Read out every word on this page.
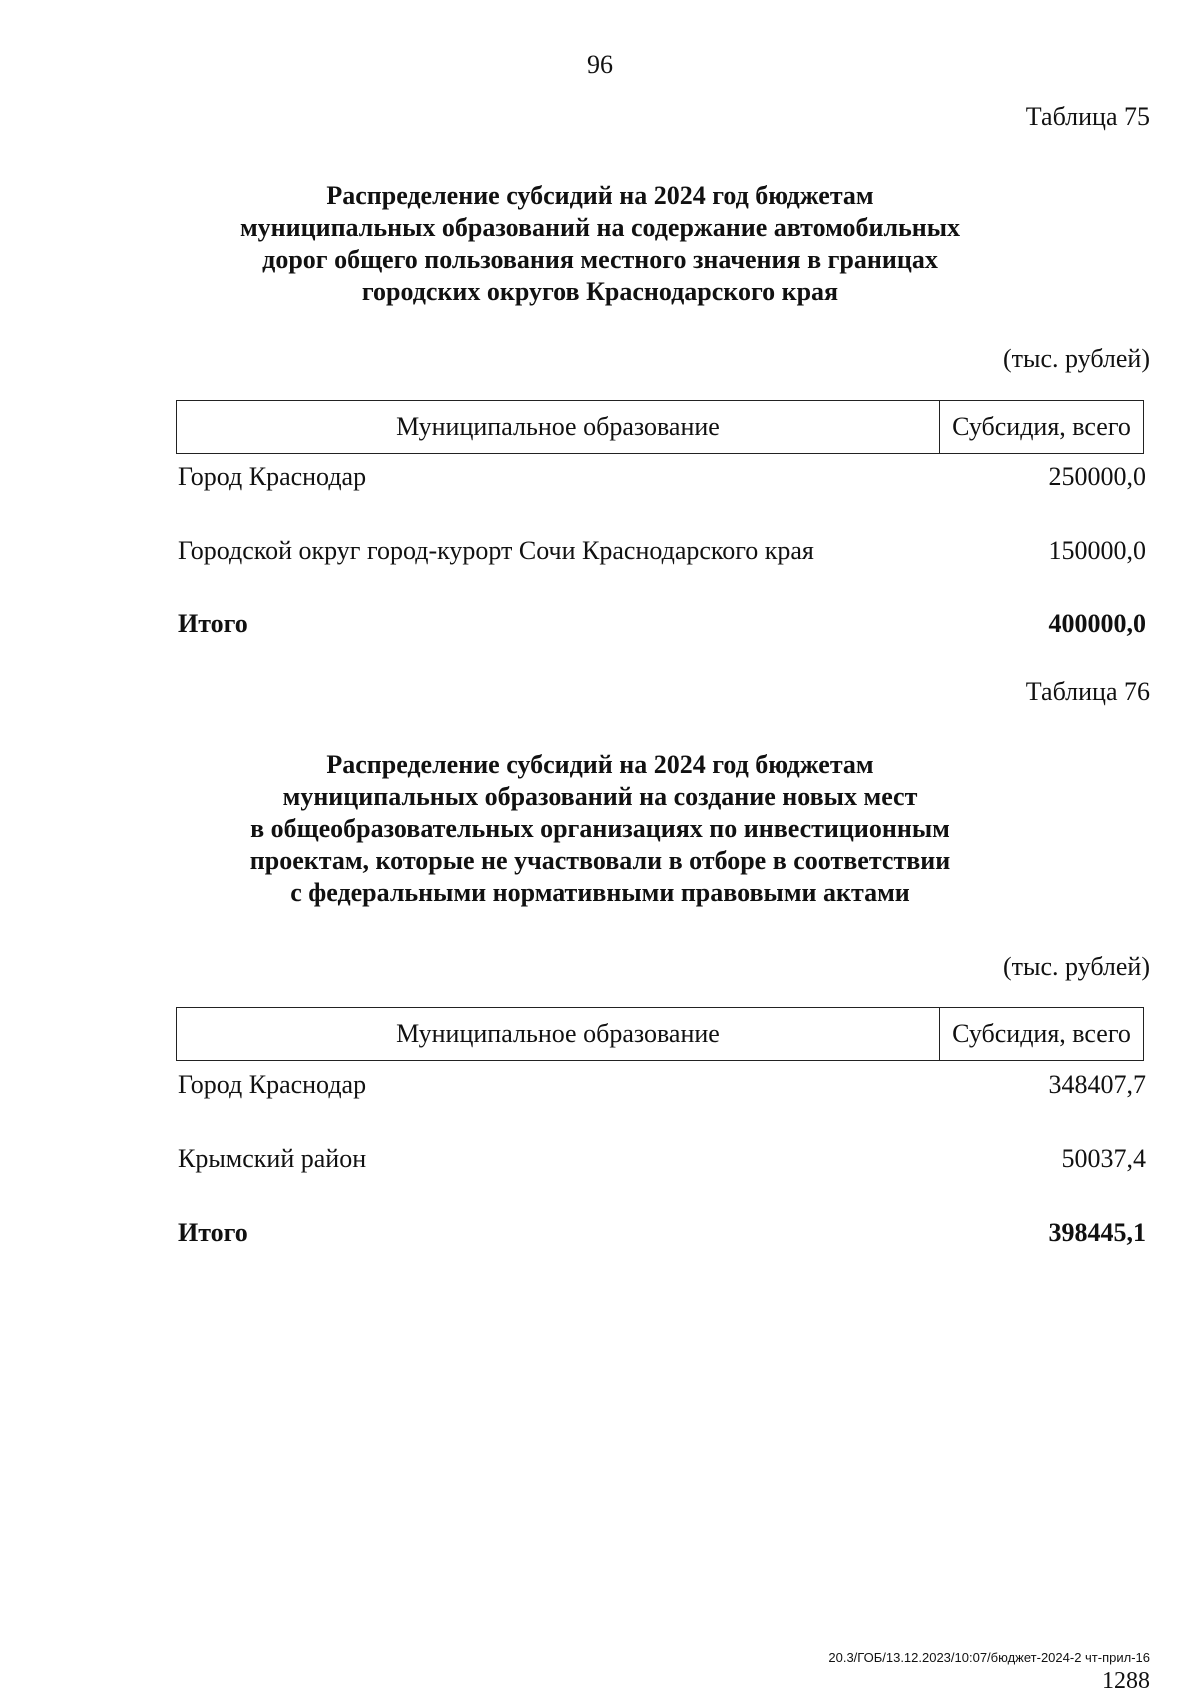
96
Таблица 75
Распределение субсидий на 2024 год бюджетам
муниципальных образований на содержание автомобильных
дорог общего пользования местного значения в границах
городских округов Краснодарского края
(тыс. рублей)
Муниципальное образование	Субсидия, всего
Город Краснодар	250000,0
Городской округ город-курорт Сочи Краснодарского края	150000,0
Итого	400000,0
Таблица 76
Распределение субсидий на 2024 год бюджетам
муниципальных образований на создание новых мест
в общеобразовательных организациях по инвестиционным
проектам, которые не участвовали в отборе в соответствии
с федеральными нормативными правовыми актами
(тыс. рублей)
Муниципальное образование	Субсидия, всего
Город Краснодар	348407,7
Крымский район	50037,4
Итого	398445,1
20.3/ГОБ/13.12.2023/10:07/бюджет-2024-2 чт-прил-16
1288
